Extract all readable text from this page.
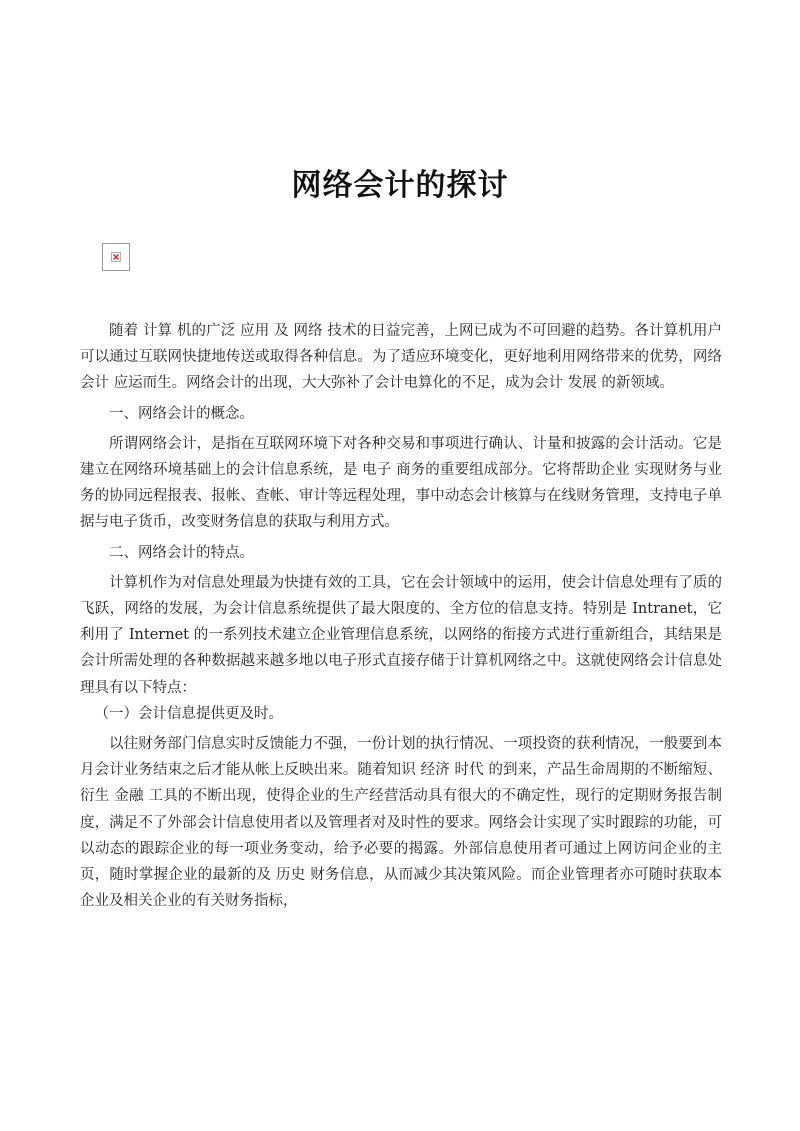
网络会计的探讨

随着 计算 机的广泛 应用 及 网络 技术的日益完善，上网已成为不可回避的趋势。各计算机用户可以通过互联网快捷地传送或取得各种信息。为了适应环境变化，更好地利用网络带来的优势，网络 会计 应运而生。网络会计的出现，大大弥补了会计电算化的不足，成为会计 发展 的新领域。

一、网络会计的概念。

所谓网络会计，是指在互联网环境下对各种交易和事项进行确认、计量和披露的会计活动。它是建立在网络环境基础上的会计信息系统，是 电子 商务的重要组成部分。它将帮助企业 实现财务与业务的协同远程报表、报帐、查帐、审计等远程处理，事中动态会计核算与在线财务管理，支持电子单据与电子货币，改变财务信息的获取与利用方式。

二、网络会计的特点。

计算机作为对信息处理最为快捷有效的工具，它在会计领域中的运用，使会计信息处理有了质的飞跃，网络的发展，为会计信息系统提供了最大限度的、全方位的信息支持。特别是 Intranet，它利用了 Internet 的一系列技术建立企业管理信息系统，以网络的衔接方式进行重新组合，其结果是会计所需处理的各种数据越来越多地以电子形式直接存储于计算机网络之中。这就使网络会计信息处理具有以下特点：

（一）会计信息提供更及时。

以往财务部门信息实时反馈能力不强，一份计划的执行情况、一项投资的获利情况，一般要到本月会计业务结束之后才能从帐上反映出来。随着知识 经济 时代 的到来，产品生命周期的不断缩短、衍生 金融 工具的不断出现，使得企业的生产经营活动具有很大的不确定性，现行的定期财务报告制度，满足不了外部会计信息使用者以及管理者对及时性的要求。网络会计实现了实时跟踪的功能，可以动态的跟踪企业的每一项业务变动，给予必要的揭露。外部信息使用者可通过上网访问企业的主页，随时掌握企业的最新的及 历史 财务信息，从而减少其决策风险。而企业管理者亦可随时获取本企业及相关企业的有关财务指标，
